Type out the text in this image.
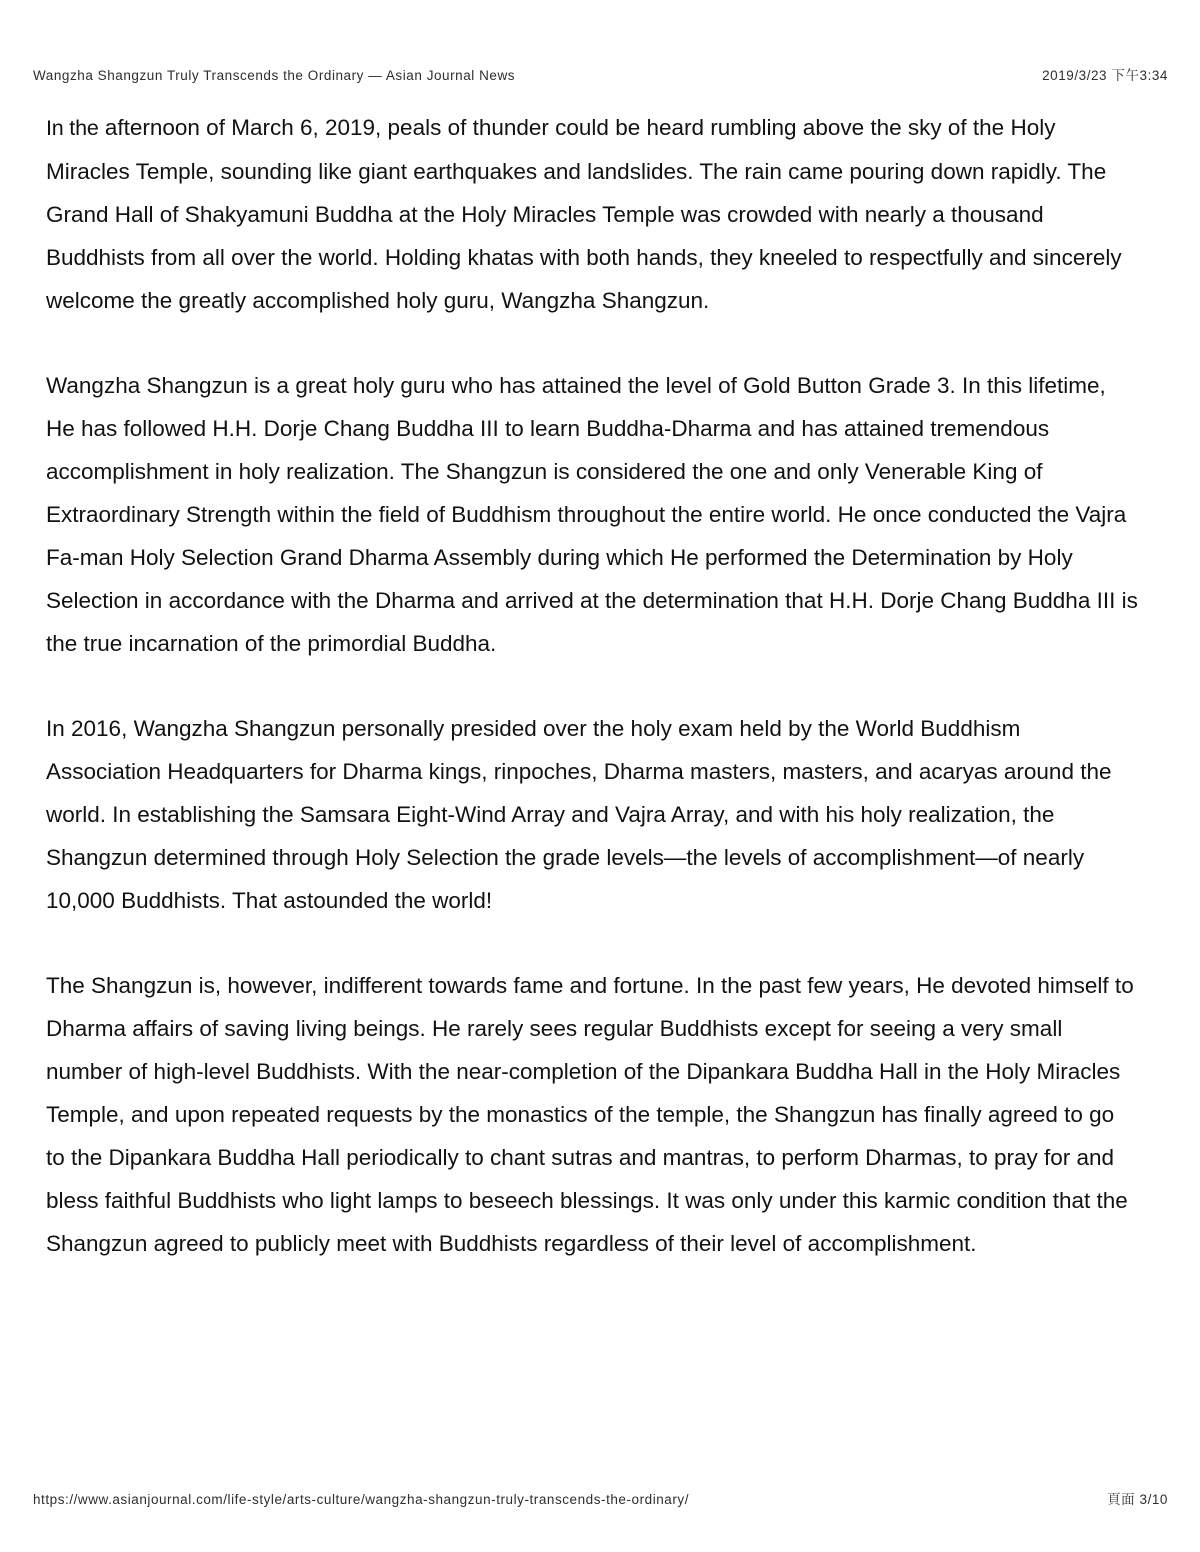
Wangzha Shangzun Truly Transcends the Ordinary — Asian Journal News	2019/3/23 下午3:34

In the afternoon of March 6, 2019, peals of thunder could be heard rumbling above the sky of the Holy Miracles Temple, sounding like giant earthquakes and landslides. The rain came pouring down rapidly. The Grand Hall of Shakyamuni Buddha at the Holy Miracles Temple was crowded with nearly a thousand Buddhists from all over the world. Holding khatas with both hands, they kneeled to respectfully and sincerely welcome the greatly accomplished holy guru, Wangzha Shangzun.

Wangzha Shangzun is a great holy guru who has attained the level of Gold Button Grade 3. In this lifetime, He has followed H.H. Dorje Chang Buddha III to learn Buddha-Dharma and has attained tremendous accomplishment in holy realization. The Shangzun is considered the one and only Venerable King of Extraordinary Strength within the field of Buddhism throughout the entire world. He once conducted the Vajra Fa-man Holy Selection Grand Dharma Assembly during which He performed the Determination by Holy Selection in accordance with the Dharma and arrived at the determination that H.H. Dorje Chang Buddha III is the true incarnation of the primordial Buddha.

In 2016, Wangzha Shangzun personally presided over the holy exam held by the World Buddhism Association Headquarters for Dharma kings, rinpoches, Dharma masters, masters, and acaryas around the world. In establishing the Samsara Eight-Wind Array and Vajra Array, and with his holy realization, the Shangzun determined through Holy Selection the grade levels—the levels of accomplishment—of nearly 10,000 Buddhists. That astounded the world!

The Shangzun is, however, indifferent towards fame and fortune. In the past few years, He devoted himself to Dharma affairs of saving living beings. He rarely sees regular Buddhists except for seeing a very small number of high-level Buddhists. With the near-completion of the Dipankara Buddha Hall in the Holy Miracles Temple, and upon repeated requests by the monastics of the temple, the Shangzun has finally agreed to go to the Dipankara Buddha Hall periodically to chant sutras and mantras, to perform Dharmas, to pray for and bless faithful Buddhists who light lamps to beseech blessings. It was only under this karmic condition that the Shangzun agreed to publicly meet with Buddhists regardless of their level of accomplishment.

https://www.asianjournal.com/life-style/arts-culture/wangzha-shangzun-truly-transcends-the-ordinary/	頁面 3/10
